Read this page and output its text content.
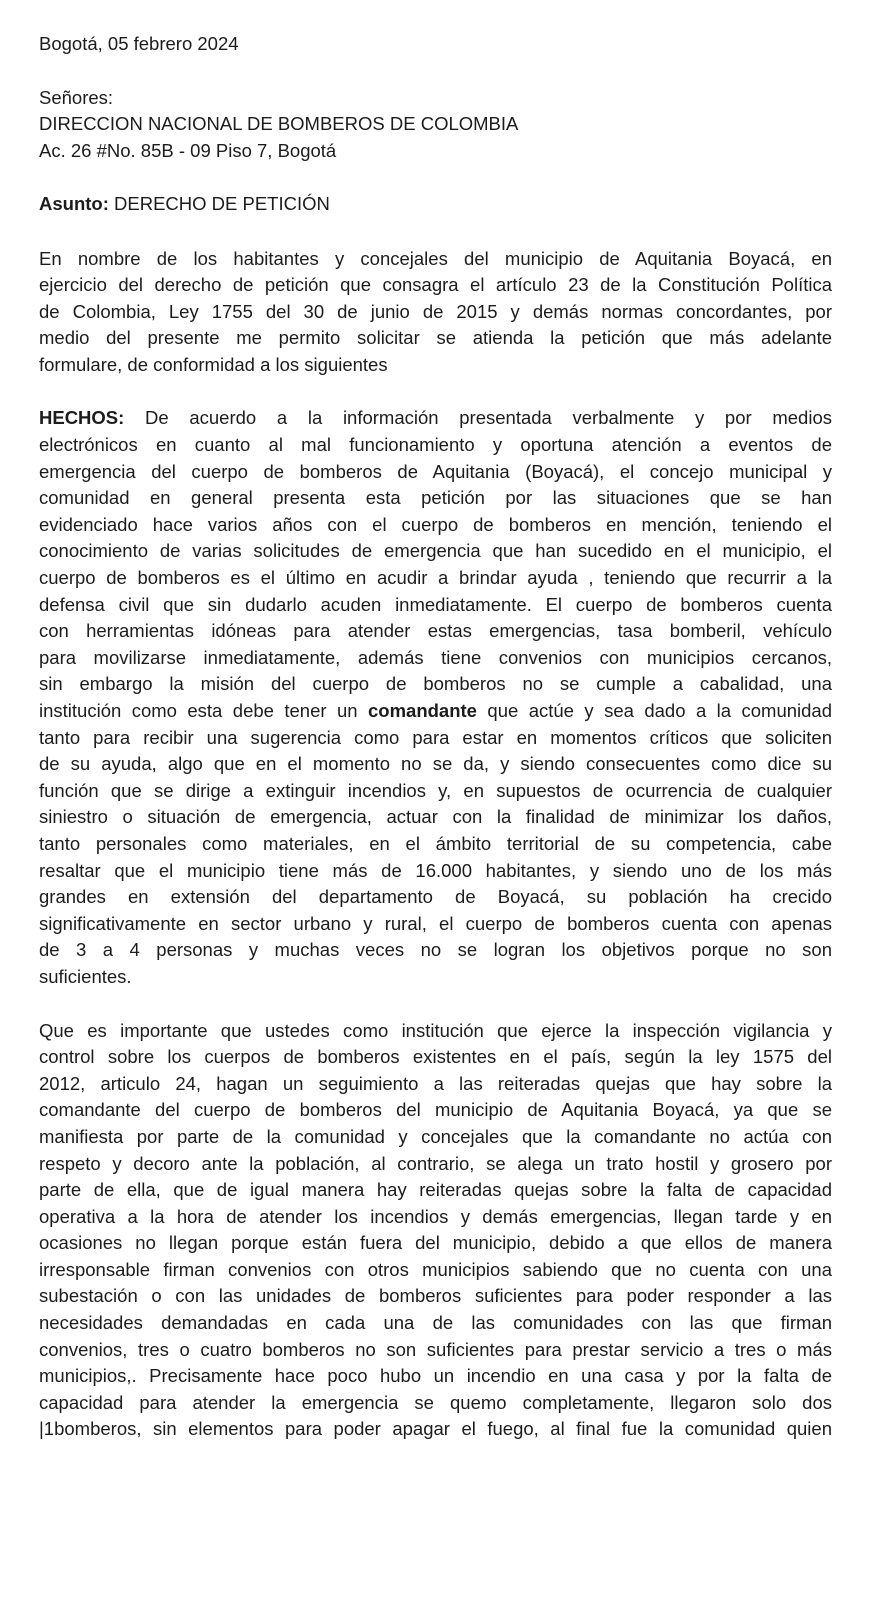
Bogotá, 05 febrero 2024
Señores:
DIRECCION NACIONAL DE BOMBEROS DE COLOMBIA
Ac. 26 #No. 85B - 09 Piso 7, Bogotá
Asunto: DERECHO DE PETICIÓN
En nombre de los habitantes y concejales del municipio de Aquitania Boyacá, en
ejercicio del derecho de petición que consagra el artículo 23 de la Constitución Política
de Colombia, Ley 1755 del 30 de junio de 2015 y demás normas concordantes, por
medio del presente me permito solicitar se atienda la petición que más adelante
formulare, de conformidad a los siguientes
HECHOS: De acuerdo a la información presentada verbalmente y por medios
electrónicos en cuanto al mal funcionamiento y oportuna atención a eventos de
emergencia del cuerpo de bomberos de Aquitania (Boyacá), el concejo municipal y
comunidad en general presenta esta petición por las situaciones que se han
evidenciado hace varios años con el cuerpo de bomberos en mención, teniendo el
conocimiento de varias solicitudes de emergencia que han sucedido en el municipio, el
cuerpo de bomberos es el último en acudir a brindar ayuda , teniendo que recurrir a la
defensa civil que sin dudarlo acuden inmediatamente. El cuerpo de bomberos cuenta
con herramientas idóneas para atender estas emergencias, tasa bomberil, vehículo
para movilizarse inmediatamente, además tiene convenios con municipios cercanos,
sin embargo la misión del cuerpo de bomberos no se cumple a cabalidad, una
institución como esta debe tener un comandante que actúe y sea dado a la comunidad
tanto para recibir una sugerencia como para estar en momentos críticos que soliciten
de su ayuda, algo que en el momento no se da, y siendo consecuentes como dice su
función que se dirige a extinguir incendios y, en supuestos de ocurrencia de cualquier
siniestro o situación de emergencia, actuar con la finalidad de minimizar los daños,
tanto personales como materiales, en el ámbito territorial de su competencia, cabe
resaltar que el municipio tiene más de 16.000 habitantes, y siendo uno de los más
grandes en extensión del departamento de Boyacá, su población ha crecido
significativamente en sector urbano y rural, el cuerpo de bomberos cuenta con apenas
de 3 a 4 personas y muchas veces no se logran los objetivos porque no son
suficientes.
Que es importante que ustedes como institución que ejerce la inspección vigilancia y
control sobre los cuerpos de bomberos existentes en el país, según la ley 1575 del
2012, articulo 24, hagan un seguimiento a las reiteradas quejas que hay sobre la
comandante del cuerpo de bomberos del municipio de Aquitania Boyacá, ya que se
manifiesta por parte de la comunidad y concejales que la comandante no actúa con
respeto y decoro ante la población, al contrario, se alega un trato hostil y grosero por
parte de ella, que de igual manera hay reiteradas quejas sobre la falta de capacidad
operativa a la hora de atender los incendios y demás emergencias, llegan tarde y en
ocasiones no llegan porque están fuera del municipio, debido a que ellos de manera
irresponsable firman convenios con otros municipios sabiendo que no cuenta con una
subestación o con las unidades de bomberos suficientes para poder responder a las
necesidades demandadas en cada una de las comunidades con las que firman
convenios, tres o cuatro bomberos no son suficientes para prestar servicio a tres o más
municipios,. Precisamente hace poco hubo un incendio en una casa y por la falta de
capacidad para atender la emergencia se quemo completamente, llegaron solo dos
|1bomberos, sin elementos para poder apagar el fuego, al final fue la comunidad quien
